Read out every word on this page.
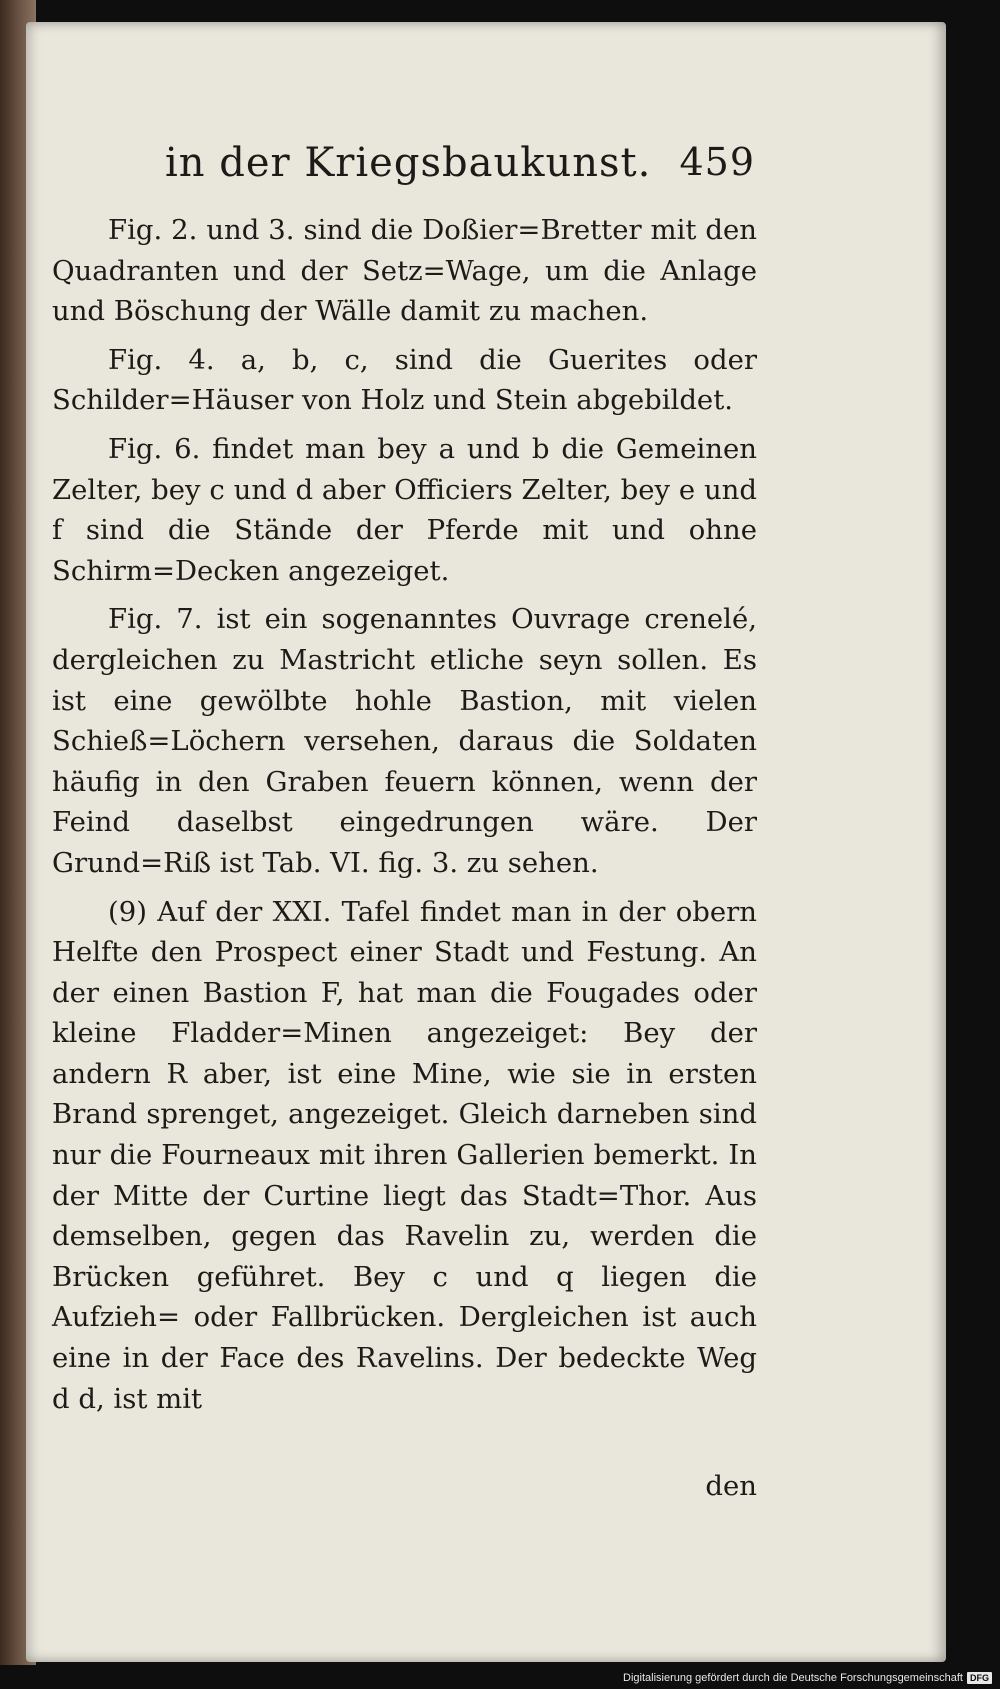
in der Kriegsbaukunst. 459

Fig. 2. und 3. sind die Doßier=Bretter mit den Quadranten und der Setz=Wage, um die Anlage und Böschung der Wälle damit zu machen.

Fig. 4. a, b, c, sind die Guerites oder Schilder=Häuser von Holz und Stein abgebildet.

Fig. 6. findet man bey a und b die Gemeinen Zelter, bey c und d aber Officiers Zelter, bey e und f sind die Stände der Pferde mit und ohne Schirm=Decken angezeiget.

Fig. 7. ist ein sogenanntes Ouvrage crenelé, dergleichen zu Mastricht etliche seyn sollen. Es ist eine gewölbte hohle Bastion, mit vielen Schieß=Löchern versehen, daraus die Soldaten häufig in den Graben feuern können, wenn der Feind daselbst eingedrungen wäre. Der Grund=Riß ist Tab. VI. fig. 3. zu sehen.

(9) Auf der XXI. Tafel findet man in der obern Helfte den Prospect einer Stadt und Festung. An der einen Bastion F, hat man die Fougades oder kleine Fladder=Minen angezeiget: Bey der andern R aber, ist eine Mine, wie sie in ersten Brand sprenget, angezeiget. Gleich darneben sind nur die Fourneaux mit ihren Gallerien bemerkt. In der Mitte der Curtine liegt das Stadt=Thor. Aus demselben, gegen das Ravelin zu, werden die Brücken geführet. Bey c und q liegen die Aufzieh= oder Fallbrücken. Dergleichen ist auch eine in der Face des Ravelins. Der bedeckte Weg d d, ist mit

den
Digitalisierung gefördert durch die Deutsche Forschungsgemeinschaft DFG
